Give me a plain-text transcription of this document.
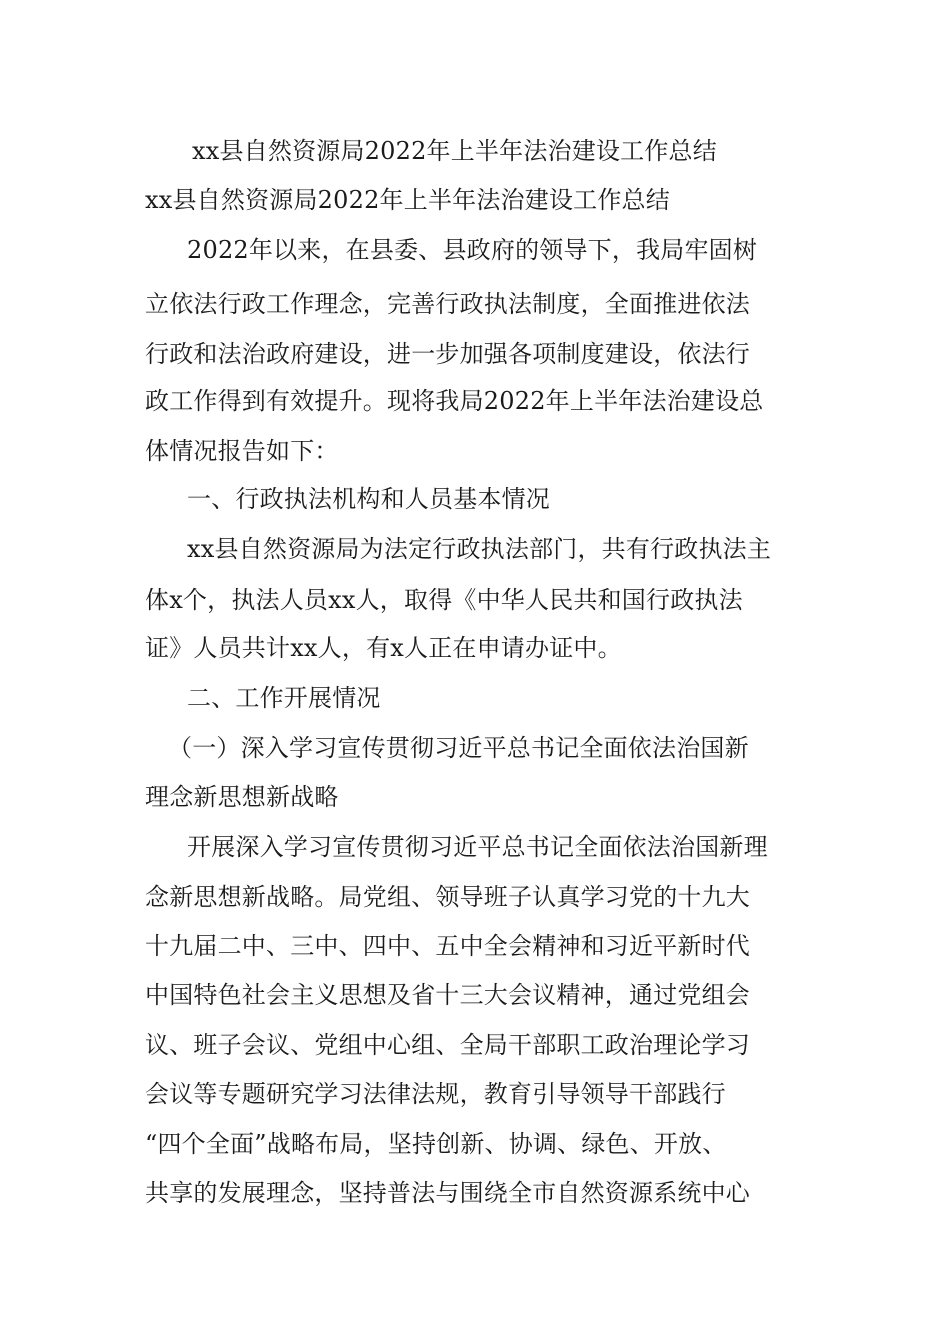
xx县自然资源局2022年上半年法治建设工作总结
xx县自然资源局2022年上半年法治建设工作总结
2022年以来，在县委、县政府的领导下，我局牢固树
立依法行政工作理念，完善行政执法制度，全面推进依法
行政和法治政府建设，进一步加强各项制度建设，依法行
政工作得到有效提升。现将我局2022年上半年法治建设总
体情况报告如下：
一、行政执法机构和人员基本情况
xx县自然资源局为法定行政执法部门，共有行政执法主
体x个，执法人员xx人，取得《中华人民共和国行政执法
证》人员共计xx人，有x人正在申请办证中。
二、工作开展情况
（一）深入学习宣传贯彻习近平总书记全面依法治国新
理念新思想新战略
开展深入学习宣传贯彻习近平总书记全面依法治国新理
念新思想新战略。局党组、领导班子认真学习党的十九大
十九届二中、三中、四中、五中全会精神和习近平新时代
中国特色社会主义思想及省十三大会议精神，通过党组会
议、班子会议、党组中心组、全局干部职工政治理论学习
会议等专题研究学习法律法规，教育引导领导干部践行
“四个全面”战略布局，坚持创新、协调、绿色、开放、
共享的发展理念，坚持普法与围绕全市自然资源系统中心
